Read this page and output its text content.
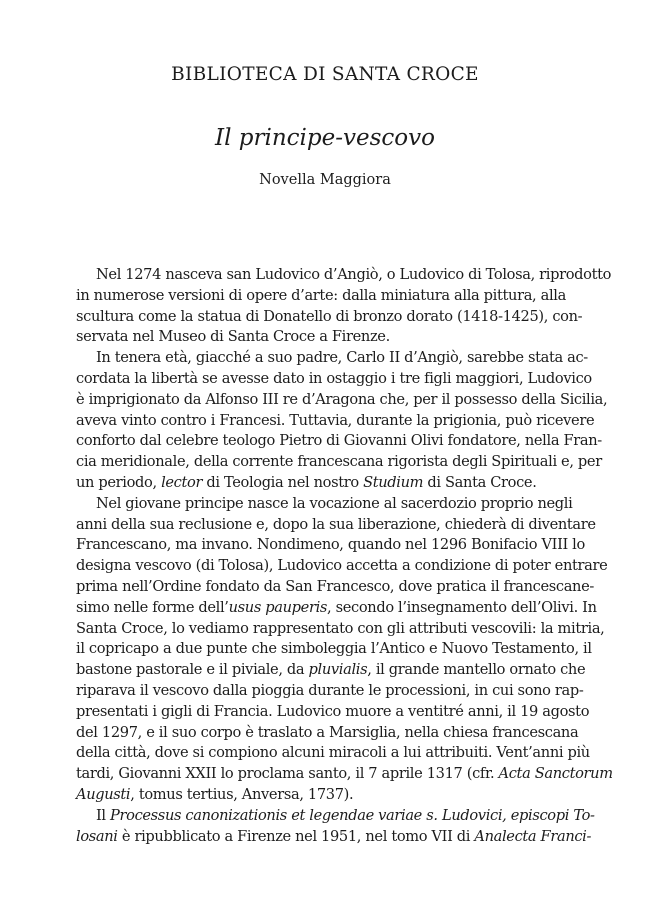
BIBLIOTECA DI SANTA CROCE
Il principe-vescovo
Novella Maggiora
Nel 1274 nasceva san Ludovico d’Angiò, o Ludovico di Tolosa, riprodotto
in numerose versioni di opere d’arte: dalla miniatura alla pittura, alla
scultura come la statua di Donatello di bronzo dorato (1418-1425), con-
servata nel Museo di Santa Croce a Firenze.
In tenera età, giacché a suo padre, Carlo II d’Angiò, sarebbe stata ac-
cordata la libertà se avesse dato in ostaggio i tre figli maggiori, Ludovico
è imprigionato da Alfonso III re d’Aragona che, per il possesso della Sicilia,
aveva vinto contro i Francesi. Tuttavia, durante la prigionia, può ricevere
conforto dal celebre teologo Pietro di Giovanni Olivi fondatore, nella Fran-
cia meridionale, della corrente francescana rigorista degli Spirituali e, per
un periodo, lector di Teologia nel nostro Studium di Santa Croce.
Nel giovane principe nasce la vocazione al sacerdozio proprio negli
anni della sua reclusione e, dopo la sua liberazione, chiederà di diventare
Francescano, ma invano. Nondimeno, quando nel 1296 Bonifacio VIII lo
designa vescovo (di Tolosa), Ludovico accetta a condizione di poter entrare
prima nell’Ordine fondato da San Francesco, dove pratica il francescane-
simo nelle forme dell’usus pauperis, secondo l’insegnamento dell’Olivi. In
Santa Croce, lo vediamo rappresentato con gli attributi vescovili: la mitria,
il copricapo a due punte che simboleggia l’Antico e Nuovo Testamento, il
bastone pastorale e il piviale, da pluvialis, il grande mantello ornato che
riparava il vescovo dalla pioggia durante le processioni, in cui sono rap-
presentati i gigli di Francia. Ludovico muore a ventitré anni, il 19 agosto
del 1297, e il suo corpo è traslato a Marsiglia, nella chiesa francescana
della città, dove si compiono alcuni miracoli a lui attribuiti. Vent’anni più
tardi, Giovanni XXII lo proclama santo, il 7 aprile 1317 (cfr. Acta Sanctorum
Augusti, tomus tertius, Anversa, 1737).
Il Processus canonizationis et legendae variae s. Ludovici, episcopi To-
losani è ripubblicato a Firenze nel 1951, nel tomo VII di Analecta Franci-
